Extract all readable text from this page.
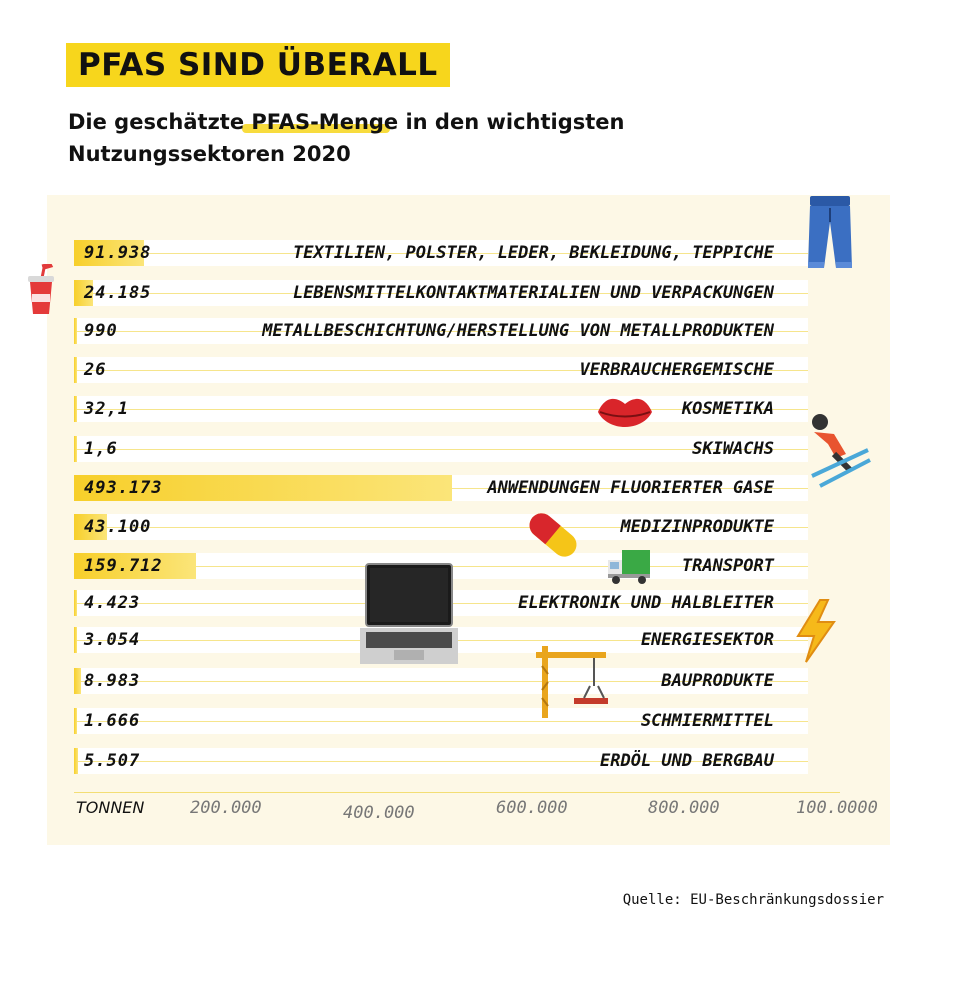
PFAS SIND ÜBERALL
Die geschätzte PFAS-Menge in den wichtigsten Nutzungssektoren 2020
91.938	TEXTILIEN, POLSTER, LEDER, BEKLEIDUNG, TEPPICHE
24.185	LEBENSMITTELKONTAKTMATERIALIEN UND VERPACKUNGEN
990	METALLBESCHICHTUNG/HERSTELLUNG VON METALLPRODUKTEN
26	VERBRAUCHERGEMISCHE
32,1	KOSMETIKA
1,6	SKIWACHS
493.173	ANWENDUNGEN FLUORIERTER GASE
43.100	MEDIZINPRODUKTE
159.712	TRANSPORT
4.423	ELEKTRONIK UND HALBLEITER
3.054	ENERGIESEKTOR
8.983	BAUPRODUKTE
1.666	SCHMIERMITTEL
5.507	ERDÖL UND BERGBAU
TONNEN	200.000	400.000	600.000	800.000	100.0000
Quelle: EU-Beschränkungsdossier
